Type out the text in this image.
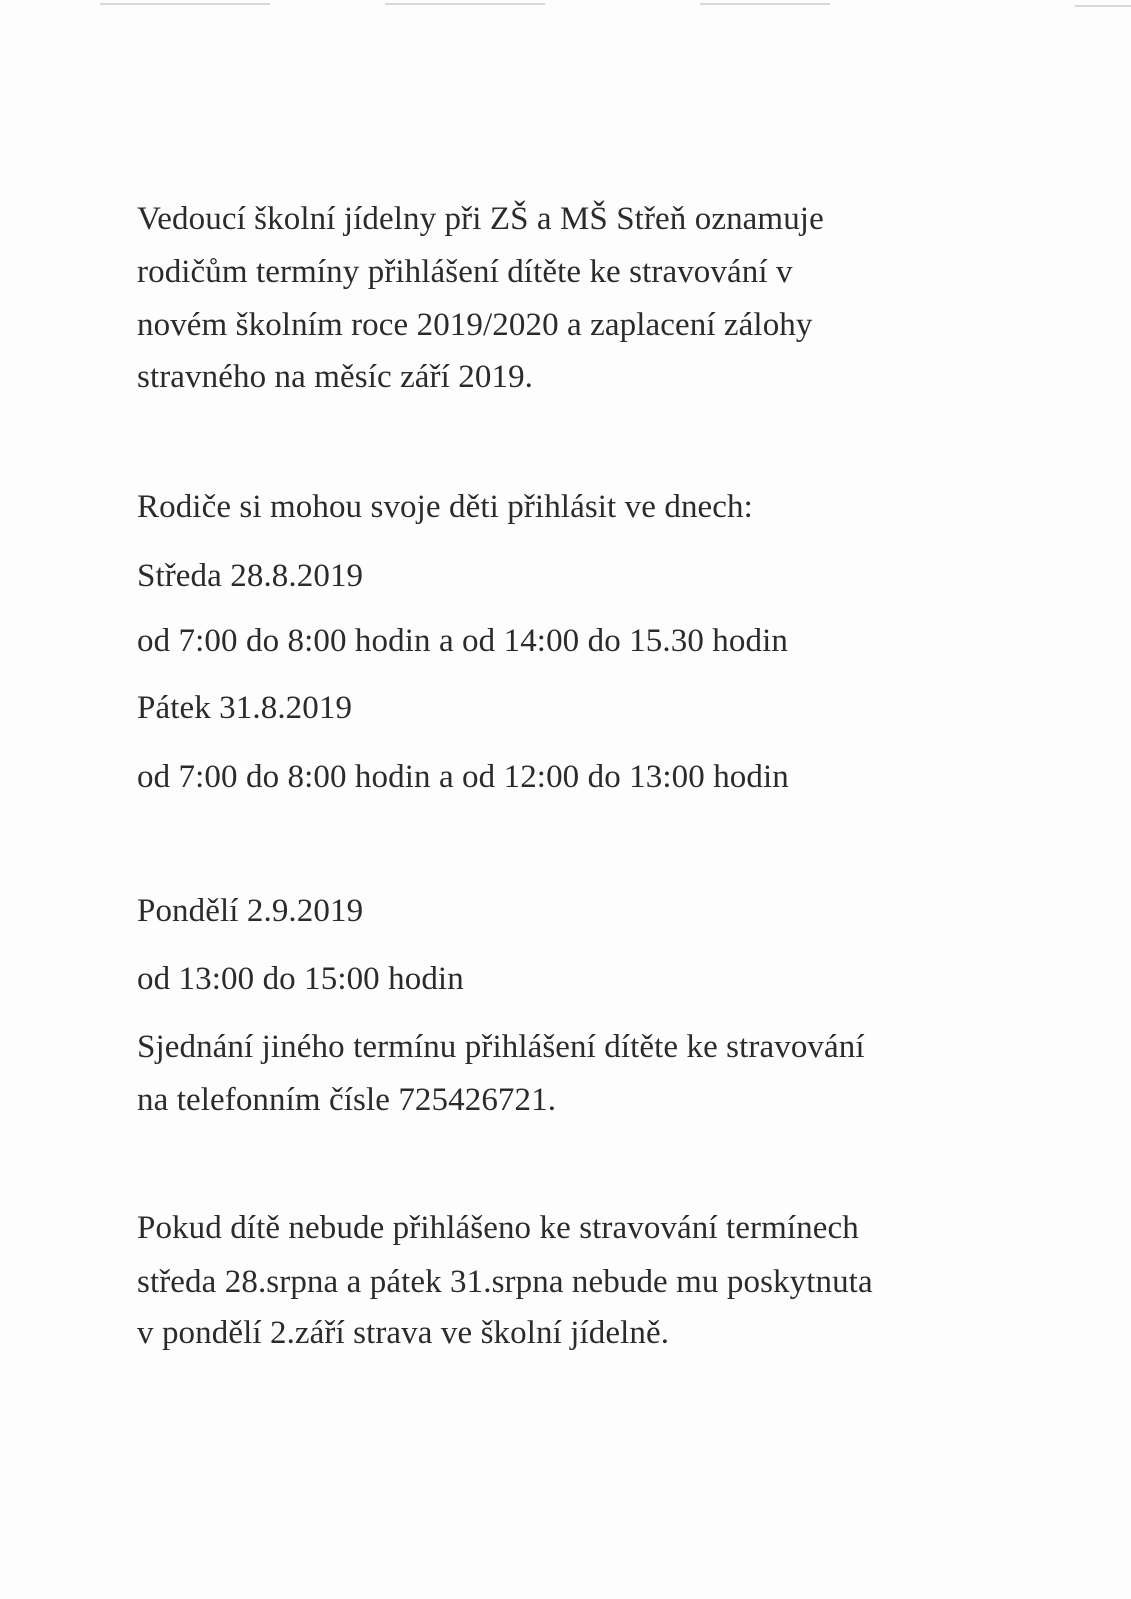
Vedoucí školní jídelny při ZŠ a MŠ Střeň oznamuje

rodičům termíny přihlášení dítěte ke stravování v

novém školním roce 2019/2020 a zaplacení zálohy

stravného na měsíc září 2019.

Rodiče si mohou svoje děti přihlásit ve dnech:

Středa 28.8.2019

od 7:00 do 8:00 hodin a od 14:00 do 15.30 hodin

Pátek 31.8.2019

od 7:00 do 8:00 hodin a od 12:00 do 13:00 hodin

Pondělí 2.9.2019

od 13:00 do 15:00 hodin

Sjednání jiného termínu přihlášení dítěte ke stravování

na telefonním čísle 725426721.

Pokud dítě nebude přihlášeno ke stravování termínech

středa 28.srpna a pátek 31.srpna nebude mu poskytnuta

v pondělí 2.září strava ve školní jídelně.
